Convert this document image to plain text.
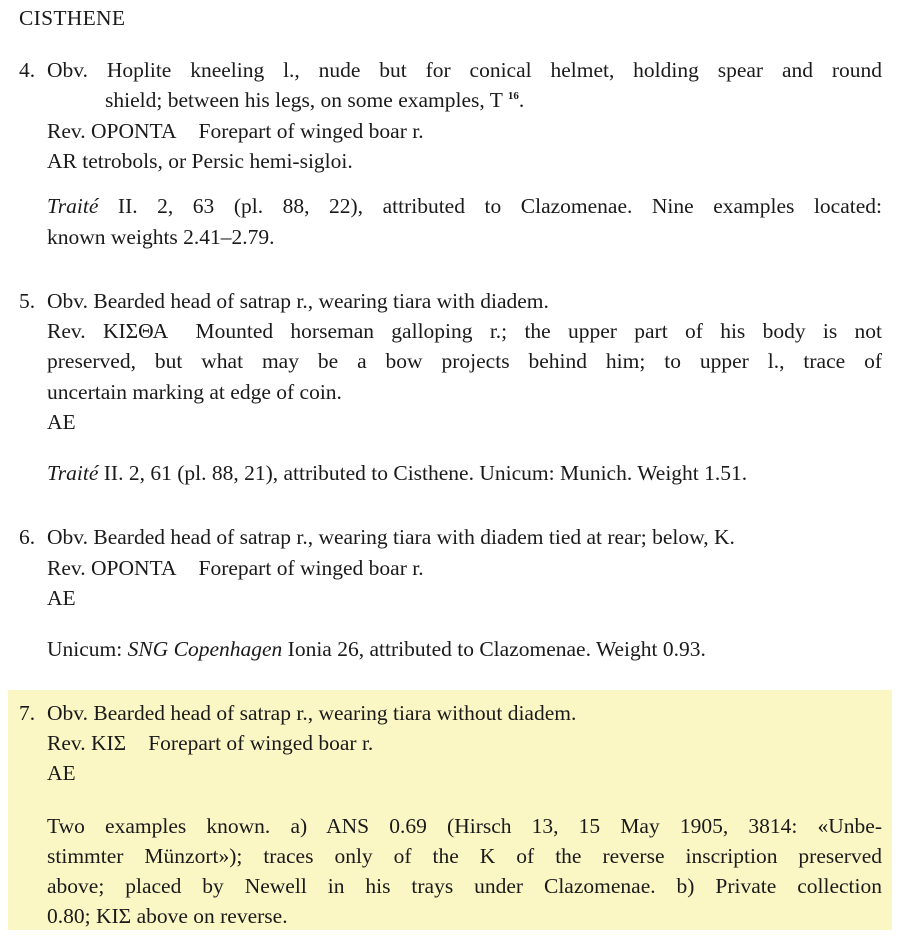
CISTHENE
4. Obv. Hoplite kneeling l., nude but for conical helmet, holding spear and round
shield; between his legs, on some examples, T $^{16}$.
Rev. ΟΡΟΝΤΑ Forepart of winged boar r.
AR tetrobols, or Persic hemi-sigloi.
Traité II. 2, 63 (pl. 88, 22), attributed to Clazomenae. Nine examples located:
known weights 2.41–2.79.
5. Obv. Bearded head of satrap r., wearing tiara with diadem.
Rev. ΚΙΣΘΑ Mounted horseman galloping r.; the upper part of his body is not
preserved, but what may be a bow projects behind him; to upper l., trace of
uncertain marking at edge of coin.
AE
Traité II. 2, 61 (pl. 88, 21), attributed to Cisthene. Unicum: Munich. Weight 1.51.
6. Obv. Bearded head of satrap r., wearing tiara with diadem tied at rear; below, K.
Rev. ΟΡΟΝΤΑ Forepart of winged boar r.
AE
Unicum: SNG Copenhagen Ionia 26, attributed to Clazomenae. Weight 0.93.
7. Obv. Bearded head of satrap r., wearing tiara without diadem.
Rev. ΚΙΣ Forepart of winged boar r.
AE
Two examples known. a) ANS 0.69 (Hirsch 13, 15 May 1905, 3814: «Unbe-
stimmter Münzort»); traces only of the K of the reverse inscription preserved
above; placed by Newell in his trays under Clazomenae. b) Private collection
0.80; ΚΙΣ above on reverse.
